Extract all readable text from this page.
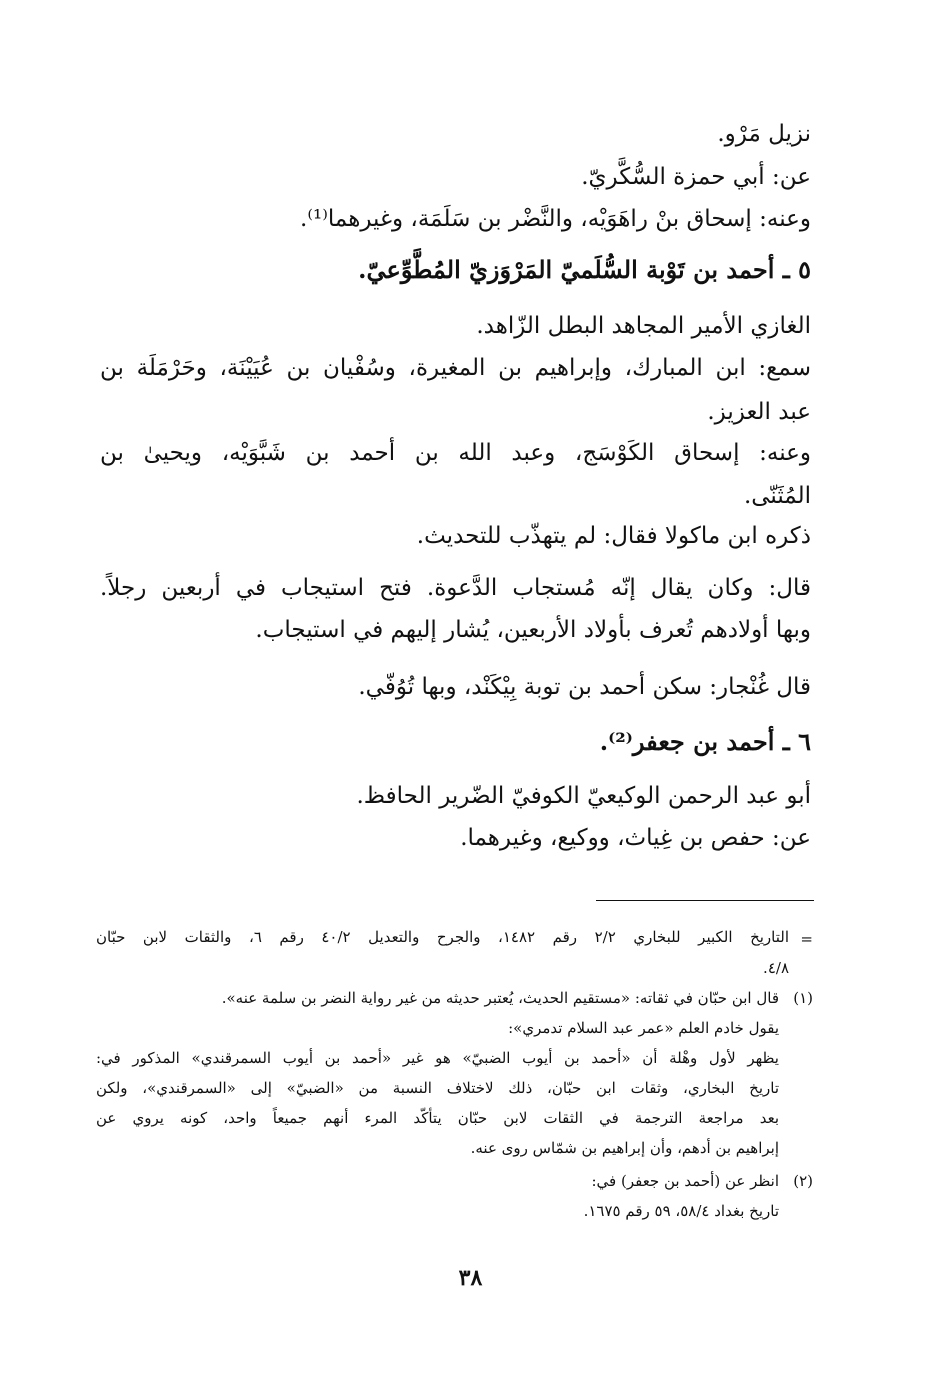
نزيل مَرْو.
عن: أبي حمزة السُّكَّريّ.
وعنه: إسحاق بنْ راهَوَيْه، والنَّضْر بن سَلَمَة، وغيرهما⁽¹⁾.
٥ ـ أحمد بن تَوْبة السُّلَميّ المَرْوَزيّ المُطَّوِّعيّ.
الغازي الأمير المجاهد البطل الزّاهد.
سمع: ابن المبارك، وإبراهيم بن المغيرة، وسُفْيان بن عُيَيْنَة، وحَرْمَلَة بن
عبد العزيز.
وعنه: إسحاق الكَوْسَج، وعبد الله بن أحمد بن شَبَّوَيْه، ويحيىٰ بن
المُثَنّى.
ذكره ابن ماكولا فقال: لم يتهذّب للتحديث.
قال: وكان يقال إنّه مُستجاب الدَّعوة. فتح استيجاب في أربعين رجلاً.
وبها أولادهم تُعرف بأولاد الأربعين، يُشار إليهم في استيجاب.
قال غُنْجار: سكن أحمد بن توبة بِيْكَنْد، وبها تُوُفّي.
٦ ـ أحمد بن جعفر⁽²⁾.
أبو عبد الرحمن الوكيعيّ الكوفيّ الضّرير الحافظ.
عن: حفص بن غِياث، ووكيع، وغيرهما.
=
التاريخ الكبير للبخاري ٢/٢ رقم ١٤٨٢، والجرح والتعديل ٤٠/٢ رقم ٦، والثقات لابن حبّان
٤/٨.
(١)
قال ابن حبّان في ثقاته: «مستقيم الحديث، يُعتبر حديثه من غير رواية النضر بن سلمة عنه».
يقول خادم العلم «عمر عبد السلام تدمري»:
يظهر لأول وهْلة أن «أحمد بن أيوب الضبيّ» هو غير «أحمد بن أيوب السمرقندي» المذكور في:
تاريخ البخاري، وثقات ابن حبّان، ذلك لاختلاف النسبة من «الضبيّ» إلى «السمرقندي»، ولكن
بعد مراجعة الترجمة في الثقات لابن حبّان يتأكّد المرء أنهم جميعاً واحد، كونه يروي عن
إبراهيم بن أدهم، وأن إبراهيم بن شمّاس روى عنه.
(٢)
انظر عن (أحمد بن جعفر) في:
تاريخ بغداد ٥٨/٤، ٥٩ رقم ١٦٧٥.
٣٨
